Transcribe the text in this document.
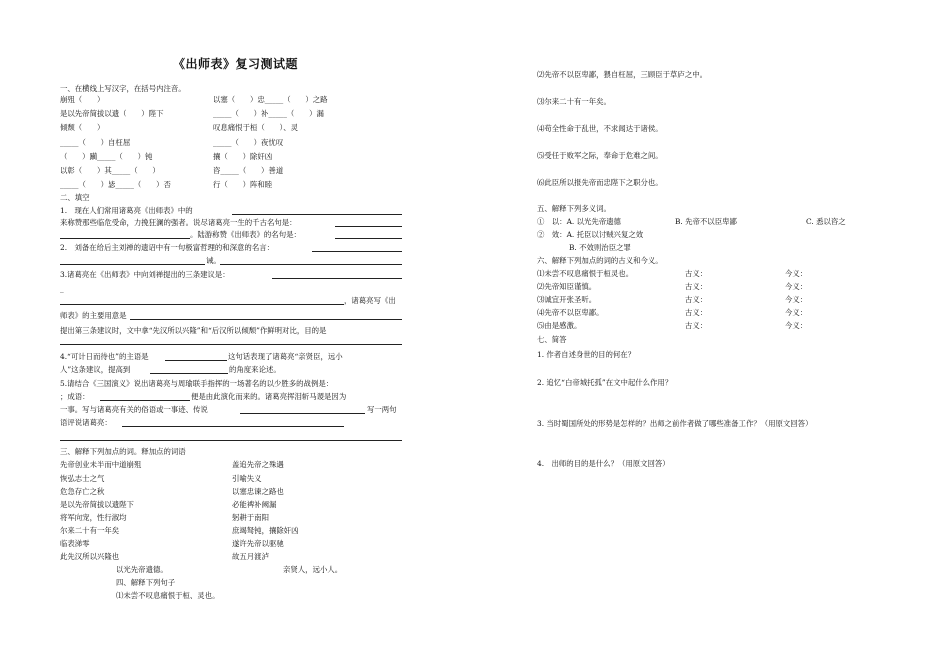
《出师表》复习测试题
一、在横线上写汉字，在括号内注音。
崩殂（　　）	以塞（　　）忠_____（　　）之路
是以先帝简拔以遗（　　）陛下	_____（　　）补_____（　　）漏
倾颓（　　）	叹息痛恨于桓（　　）、灵
_____（　　）自枉屈	_____（　　）夜忧叹
（　　）躏_____（　　）钝	攘（　　）除奸凶
以彰（　　）其_____（　　）	咨_____（　　）善道
_____（　　）毖_____（　　）否	行（　　）阵和睦
二、填空
1.　现在人们常用诸葛亮《出师表》中的
来称赞那些临危受命，力挽狂澜的强者。说尽诸葛亮一生的千古名句是：
。陆游称赞《出师表》的名句是：
2.　刘备在给后主刘禅的遗诏中有一句极富哲理的和深意的名言：
诫。
3.诸葛亮在《出师表》中向刘禅提出的三条建议是：
_
，诸葛亮写《出
师表》的主要用意是
提出第三条建议时，文中拿“先汉所以兴隆”和“后汉所以倾颓”作鲜明对比，目的是
4.“可计日而待也”的主语是	这句话表现了诸葛亮“亲贤臣，远小
人”这条建议，提高到	的角度来论述。
5.请结合《三国演义》说出诸葛亮与周瑜联手指挥的一场著名的以少胜多的战例是：
；成语：	便是由此演化而来的。诸葛亮挥泪斩马谡是因为
一事。写与诸葛亮有关的俗语或一事迹、传说	写一两句
语评说诸葛亮：
三、解释下列加点的词。释加点的词语
先帝创业未半而中道崩殂	盖追先帝之殊遇
恢弘志士之气	引喻失义
危急存亡之秋	以塞忠谏之路也
是以先帝简拔以遗陛下	必能裨补阙漏
将军向宠，性行淑均	躬耕于南阳
尔来二十有一年矣	庶竭驽钝，攘除奸凶
临表涕零	遂许先帝以驱驰
此先汉所以兴隆也	故五月渡泸
以光先帝遗德。	亲贤人，远小人。
四、解释下列句子
⑴未尝不叹息痛恨于桓、灵也。
⑵先帝不以臣卑鄙，猥自枉屈，三顾臣于草庐之中。
⑶尔来二十有一年矣。
⑷苟全性命于乱世，不求闻达于诸侯。
⑸受任于败军之际，奉命于危难之间。
⑹此臣所以报先帝而忠陛下之职分也。
五、解释下列多义词。
①　以：A. 以光先帝遗德	B. 先帝不以臣卑鄙	C. 悉以咨之
②　效：A. 托臣以讨贼兴复之效
B. 不效则治臣之罪
六、解释下列加点的词的古义和今义。
⑴未尝不叹息痛恨于桓灵也。	古义：	今义：
⑵先帝知臣谨慎。	古义：	今义：
⑶诚宜开张圣听。	古义：	今义：
⑷先帝不以臣卑鄙。	古义：	今义：
⑸由是感激。	古义：	今义：
七、简答
1. 作者自述身世的目的何在？
2. 追忆“白帝城托孤”在文中起什么作用？
3. 当时蜀国所处的形势是怎样的？出师之前作者做了哪些准备工作？（用原文回答）
4.　出师的目的是什么？（用原文回答）
